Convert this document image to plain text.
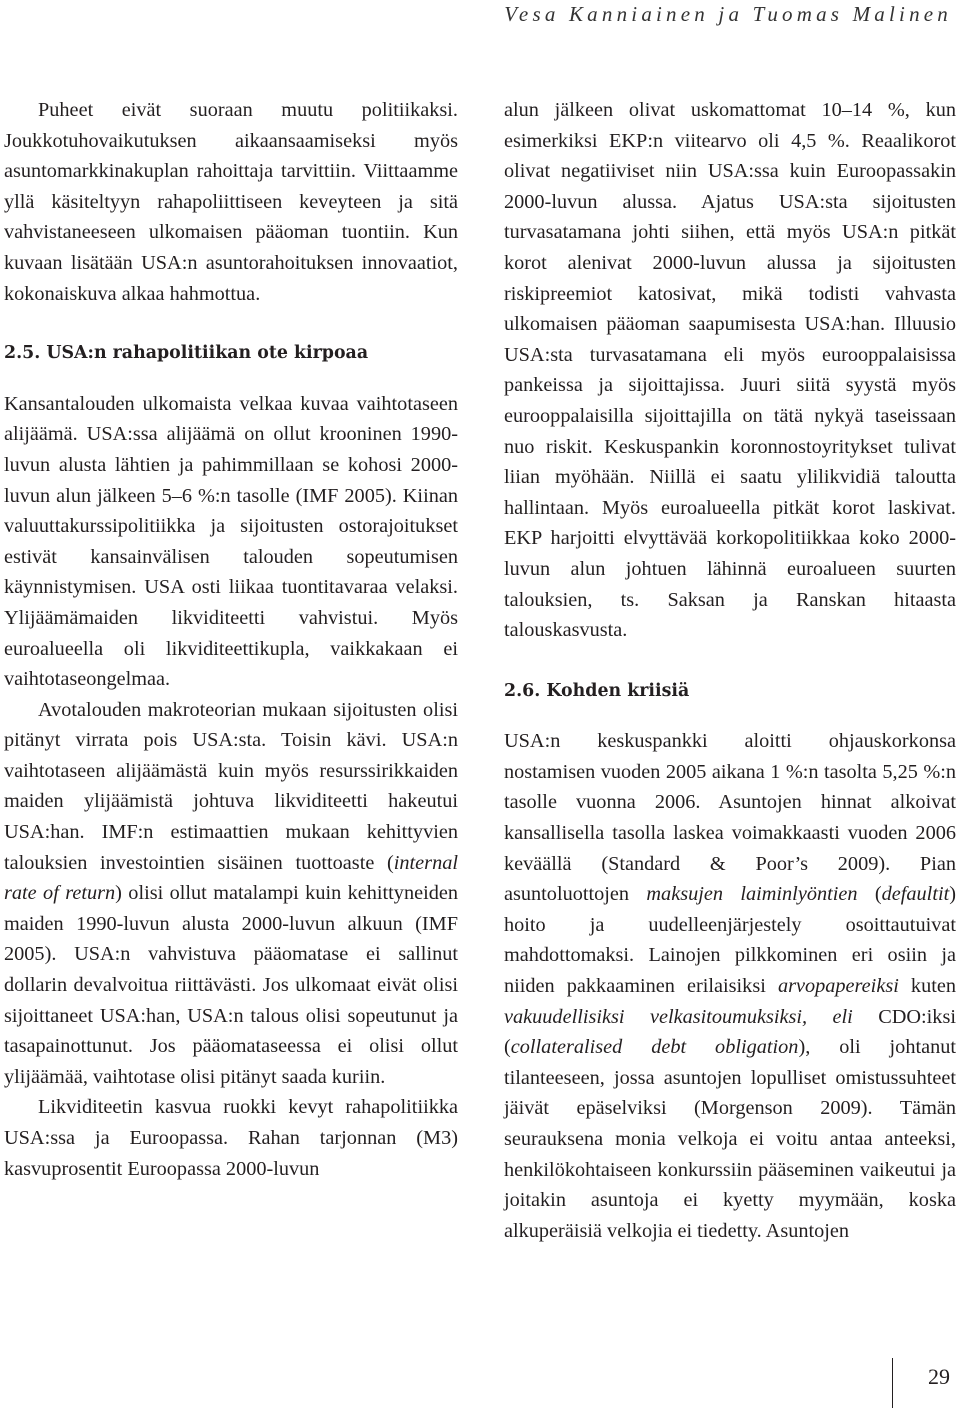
Vesa Kanniainen ja Tuomas Malinen

Puheet eivät suoraan muutu politiikaksi. Joukkotuhovaikutuksen aikaansaamiseksi myös asuntomarkkinakuplan rahoittaja tarvittiin. Viittaamme yllä käsiteltyyn rahapoliittiseen keveyteen ja sitä vahvistaneeseen ulkomaisen pääoman tuontiin. Kun kuvaan lisätään USA:n asuntorahoituksen innovaatiot, kokonaiskuva alkaa hahmottua.

2.5. USA:n rahapolitiikan ote kirpoaa

Kansantalouden ulkomaista velkaa kuvaa vaihtotaseen alijäämä. USA:ssa alijäämä on ollut krooninen 1990-luvun alusta lähtien ja pahimmillaan se kohosi 2000-luvun alun jälkeen 5–6 %:n tasolle (IMF 2005). Kiinan valuuttakurssipolitiikka ja sijoitusten ostorajoitukset estivät kansainvälisen talouden sopeutumisen käynnistymisen. USA osti liikaa tuontitavaraa velaksi. Ylijäämämaiden likviditeetti vahvistui. Myös euroalueella oli likviditeettikupla, vaikkakaan ei vaihtotaseongelmaa.

Avotalouden makroteorian mukaan sijoitusten olisi pitänyt virrata pois USA:sta. Toisin kävi. USA:n vaihtotaseen alijäämästä kuin myös resurssirikkaiden maiden ylijäämistä johtuva likviditeetti hakeutui USA:han. IMF:n estimaattien mukaan kehittyvien talouksien investointien sisäinen tuottoaste (internal rate of return) olisi ollut matalampi kuin kehittyneiden maiden 1990-luvun alusta 2000-luvun alkuun (IMF 2005). USA:n vahvistuva pääomatase ei sallinut dollarin devalvoitua riittävästi. Jos ulkomaat eivät olisi sijoittaneet USA:han, USA:n talous olisi sopeutunut ja tasapainottunut. Jos pääomataseessa ei olisi ollut ylijäämää, vaihtotase olisi pitänyt saada kuriin.

Likviditeetin kasvua ruokki kevyt rahapolitiikka USA:ssa ja Euroopassa. Rahan tarjonnan (M3) kasvuprosentit Euroopassa 2000-luvun

alun jälkeen olivat uskomattomat 10–14 %, kun esimerkiksi EKP:n viitearvo oli 4,5 %. Reaalikorot olivat negatiiviset niin USA:ssa kuin Euroopassakin 2000-luvun alussa. Ajatus USA:sta sijoitusten turvasatamana johti siihen, että myös USA:n pitkät korot alenivat 2000-luvun alussa ja sijoitusten riskipreemiot katosivat, mikä todisti vahvasta ulkomaisen pääoman saapumisesta USA:han. Illuusio USA:sta turvasatamana eli myös eurooppalaisissa pankeissa ja sijoittajissa. Juuri siitä syystä myös eurooppalaisilla sijoittajilla on tätä nykyä taseissaan nuo riskit. Keskuspankin koronnostoyritykset tulivat liian myöhään. Niillä ei saatu ylilikvidiä taloutta hallintaan. Myös euroalueella pitkät korot laskivat. EKP harjoitti elvyttävää korkopolitiikkaa koko 2000-luvun alun johtuen lähinnä euroalueen suurten talouksien, ts. Saksan ja Ranskan hitaasta talouskasvusta.

2.6. Kohden kriisiä

USA:n keskuspankki aloitti ohjauskorkonsa nostamisen vuoden 2005 aikana 1 %:n tasolta 5,25 %:n tasolle vuonna 2006. Asuntojen hinnat alkoivat kansallisella tasolla laskea voimakkaasti vuoden 2006 keväällä (Standard & Poor’s 2009). Pian asuntoluottojen maksujen laiminlyöntien (defaultit) hoito ja uudelleenjärjestely osoittautuivat mahdottomaksi. Lainojen pilkkominen eri osiin ja niiden pakkaaminen erilaisiksi arvopapereiksi kuten vakuudellisiksi velkasitoumuksiksi, eli CDO:iksi (collateralised debt obligation), oli johtanut tilanteeseen, jossa asuntojen lopulliset omistussuhteet jäivät epäselviksi (Morgenson 2009). Tämän seurauksena monia velkoja ei voitu antaa anteeksi, henkilökohtaiseen konkurssiin pääseminen vaikeutui ja joitakin asuntoja ei kyetty myymään, koska alkuperäisiä velkojia ei tiedetty. Asuntojen

29
